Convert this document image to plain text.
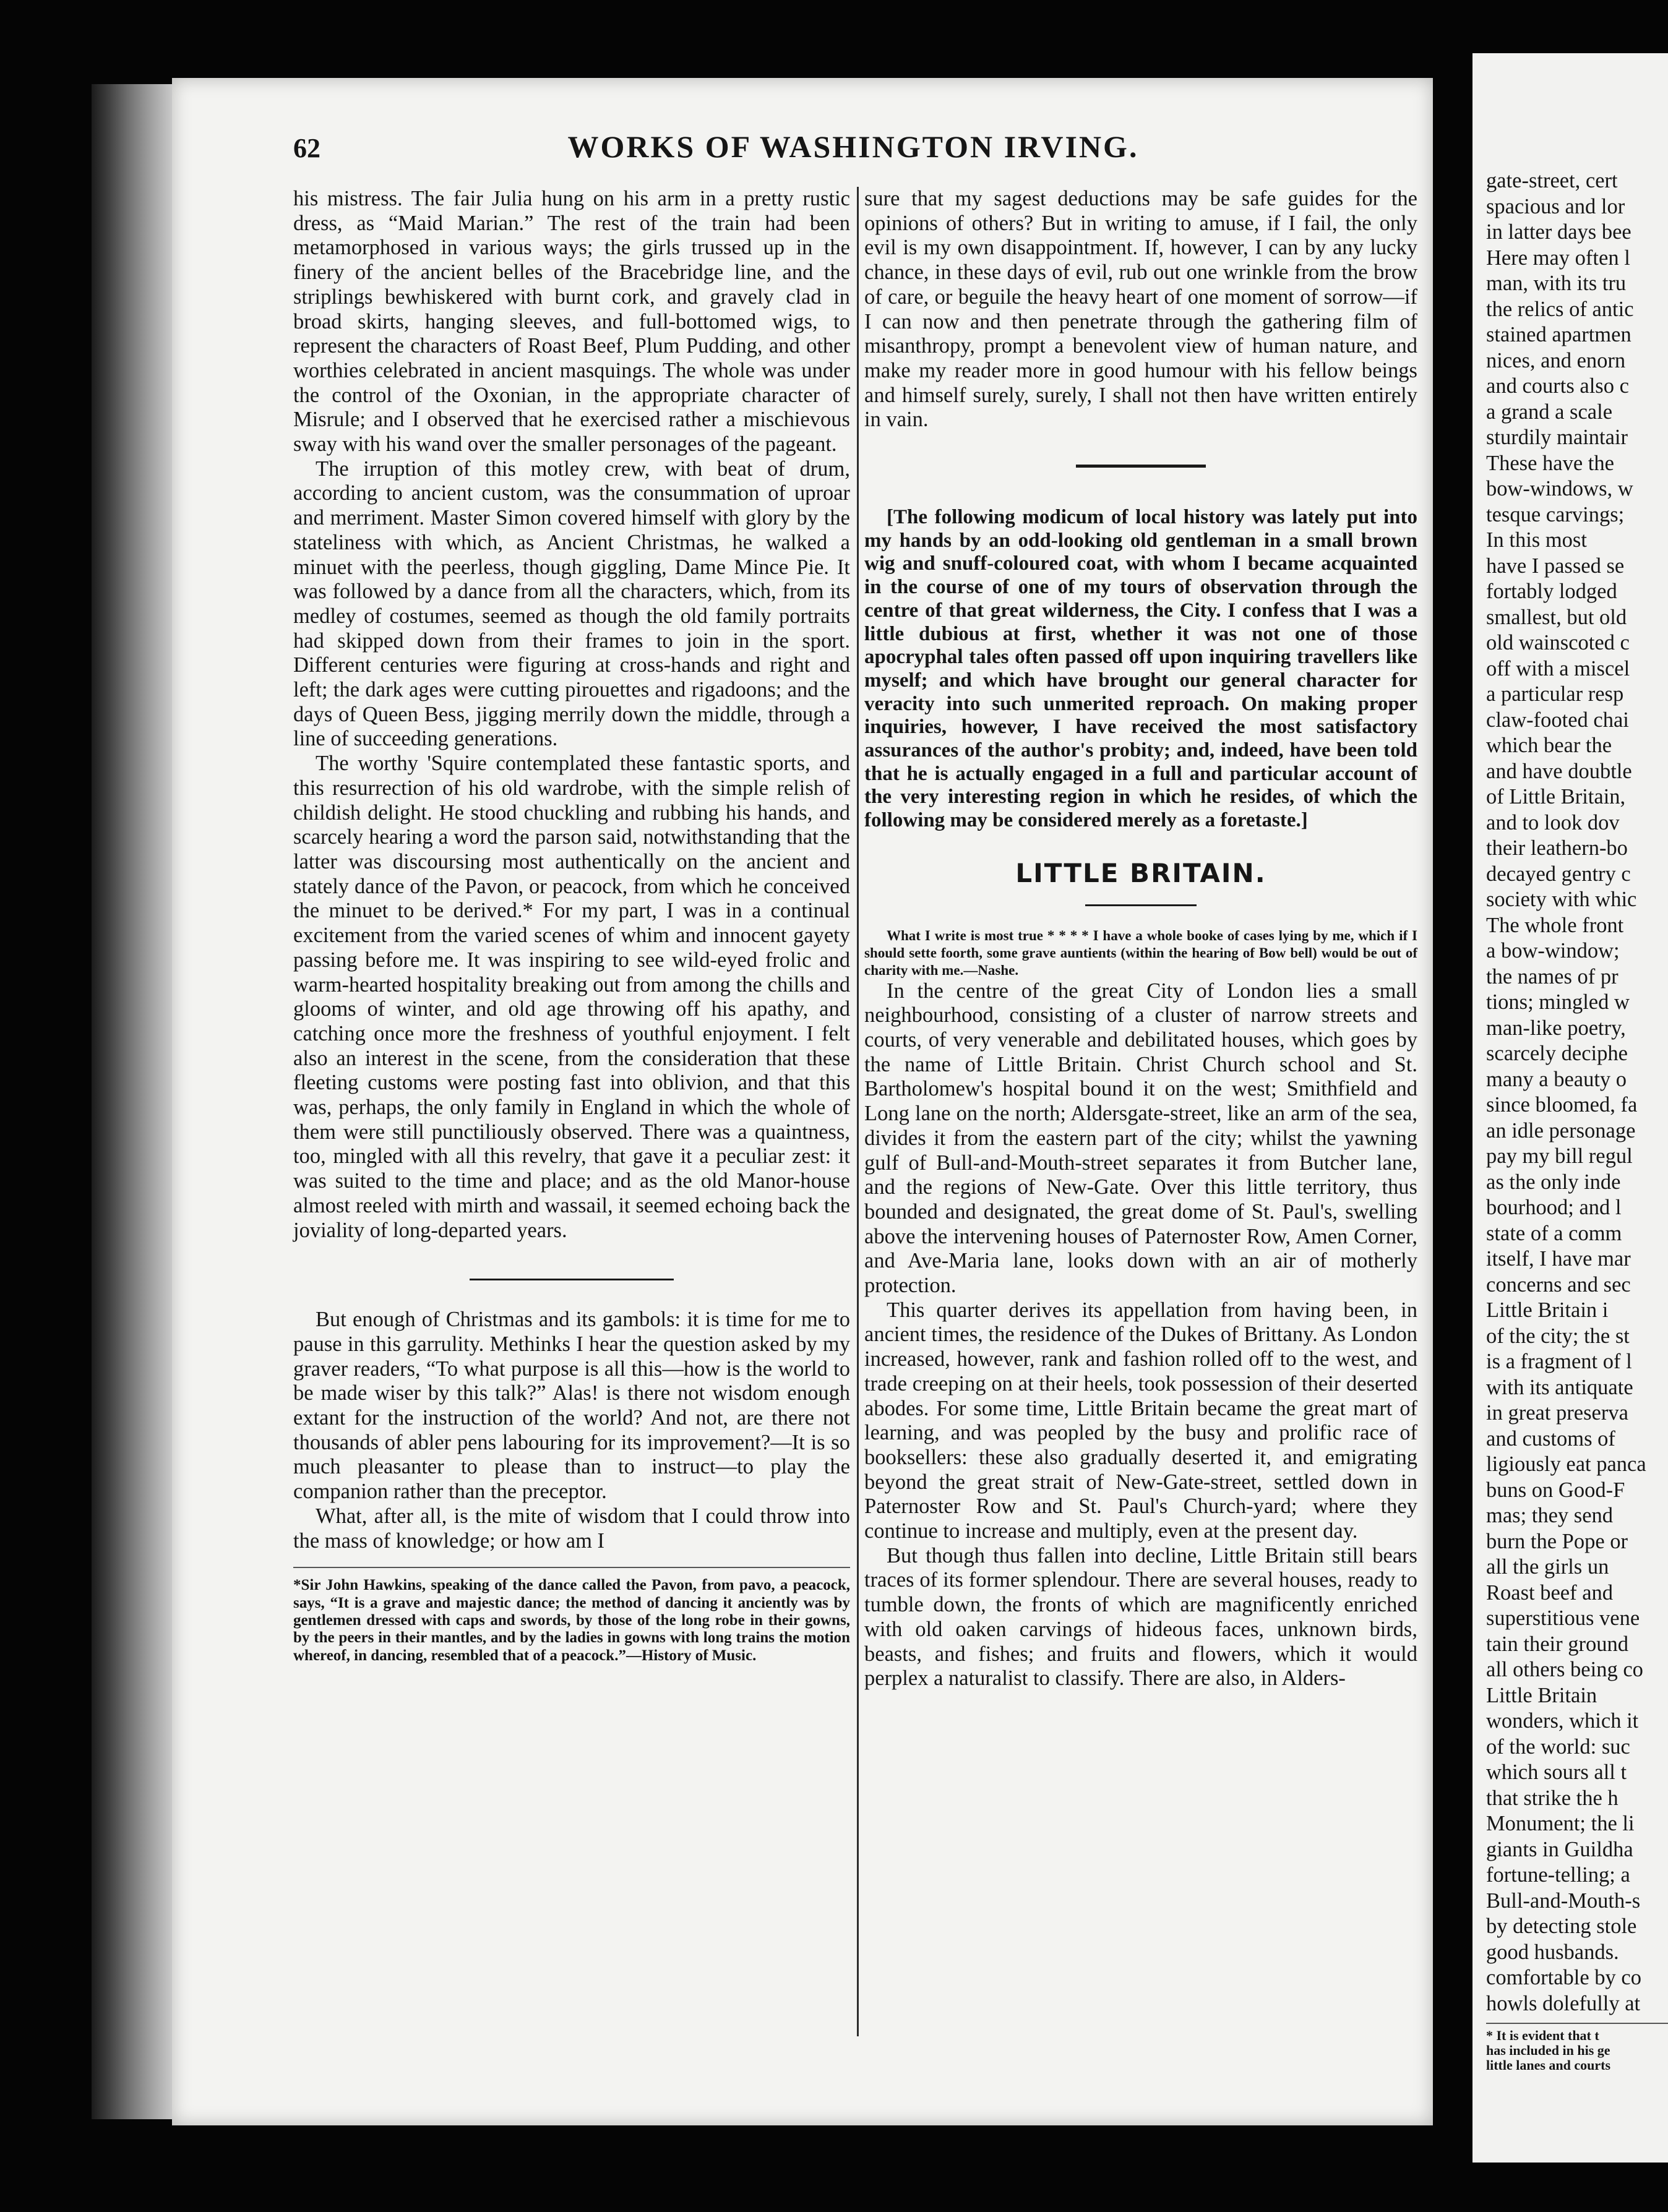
62	WORKS OF WASHINGTON IRVING.

his mistress. The fair Julia hung on his arm in a pretty rustic dress, as “Maid Marian.” The rest of the train had been metamorphosed in various ways; the girls trussed up in the finery of the ancient belles of the Bracebridge line, and the striplings bewhiskered with burnt cork, and gravely clad in broad skirts, hanging sleeves, and full-bottomed wigs, to represent the characters of Roast Beef, Plum Pudding, and other worthies celebrated in ancient masquings. The whole was under the control of the Oxonian, in the appropriate character of Misrule; and I observed that he exercised rather a mischievous sway with his wand over the smaller personages of the pageant.

The irruption of this motley crew, with beat of drum, according to ancient custom, was the consummation of uproar and merriment. Master Simon covered himself with glory by the stateliness with which, as Ancient Christmas, he walked a minuet with the peerless, though giggling, Dame Mince Pie. It was followed by a dance from all the characters, which, from its medley of costumes, seemed as though the old family portraits had skipped down from their frames to join in the sport. Different centuries were figuring at cross-hands and right and left; the dark ages were cutting pirouettes and rigadoons; and the days of Queen Bess, jigging merrily down the middle, through a line of succeeding generations.

The worthy 'Squire contemplated these fantastic sports, and this resurrection of his old wardrobe, with the simple relish of childish delight. He stood chuckling and rubbing his hands, and scarcely hearing a word the parson said, notwithstanding that the latter was discoursing most authentically on the ancient and stately dance of the Pavon, or peacock, from which he conceived the minuet to be derived.* For my part, I was in a continual excitement from the varied scenes of whim and innocent gayety passing before me. It was inspiring to see wild-eyed frolic and warm-hearted hospitality breaking out from among the chills and glooms of winter, and old age throwing off his apathy, and catching once more the freshness of youthful enjoyment. I felt also an interest in the scene, from the consideration that these fleeting customs were posting fast into oblivion, and that this was, perhaps, the only family in England in which the whole of them were still punctiliously observed. There was a quaintness, too, mingled with all this revelry, that gave it a peculiar zest: it was suited to the time and place; and as the old Manor-house almost reeled with mirth and wassail, it seemed echoing back the joviality of long-departed years.

But enough of Christmas and its gambols: it is time for me to pause in this garrulity. Methinks I hear the question asked by my graver readers, “To what purpose is all this—how is the world to be made wiser by this talk?” Alas! is there not wisdom enough extant for the instruction of the world? And not, are there not thousands of abler pens labouring for its improvement?—It is so much pleasanter to please than to instruct—to play the companion rather than the preceptor.

What, after all, is the mite of wisdom that I could throw into the mass of knowledge; or how am I

*Sir John Hawkins, speaking of the dance called the Pavon, from pavo, a peacock, says, “It is a grave and majestic dance; the method of dancing it anciently was by gentlemen dressed with caps and swords, by those of the long robe in their gowns, by the peers in their mantles, and by the ladies in gowns with long trains the motion whereof, in dancing, resembled that of a peacock.”—History of Music.

sure that my sagest deductions may be safe guides for the opinions of others? But in writing to amuse, if I fail, the only evil is my own disappointment. If, however, I can by any lucky chance, in these days of evil, rub out one wrinkle from the brow of care, or beguile the heavy heart of one moment of sorrow—if I can now and then penetrate through the gathering film of misanthropy, prompt a benevolent view of human nature, and make my reader more in good humour with his fellow beings and himself surely, surely, I shall not then have written entirely in vain.

[The following modicum of local history was lately put into my hands by an odd-looking old gentleman in a small brown wig and snuff-coloured coat, with whom I became acquainted in the course of one of my tours of observation through the centre of that great wilderness, the City. I confess that I was a little dubious at first, whether it was not one of those apocryphal tales often passed off upon inquiring travellers like myself; and which have brought our general character for veracity into such unmerited reproach. On making proper inquiries, however, I have received the most satisfactory assurances of the author's probity; and, indeed, have been told that he is actually engaged in a full and particular account of the very interesting region in which he resides, of which the following may be considered merely as a foretaste.]

LITTLE BRITAIN.

What I write is most true * * * * I have a whole booke of cases lying by me, which if I should sette foorth, some grave auntients (within the hearing of Bow bell) would be out of charity with me.—Nashe.

In the centre of the great City of London lies a small neighbourhood, consisting of a cluster of narrow streets and courts, of very venerable and debilitated houses, which goes by the name of Little Britain. Christ Church school and St. Bartholomew's hospital bound it on the west; Smithfield and Long lane on the north; Aldersgate-street, like an arm of the sea, divides it from the eastern part of the city; whilst the yawning gulf of Bull-and-Mouth-street separates it from Butcher lane, and the regions of New-Gate. Over this little territory, thus bounded and designated, the great dome of St. Paul's, swelling above the intervening houses of Paternoster Row, Amen Corner, and Ave-Maria lane, looks down with an air of motherly protection.

This quarter derives its appellation from having been, in ancient times, the residence of the Dukes of Brittany. As London increased, however, rank and fashion rolled off to the west, and trade creeping on at their heels, took possession of their deserted abodes. For some time, Little Britain became the great mart of learning, and was peopled by the busy and prolific race of booksellers: these also gradually deserted it, and emigrating beyond the great strait of New-Gate-street, settled down in Paternoster Row and St. Paul's Church-yard; where they continue to increase and multiply, even at the present day.

But though thus fallen into decline, Little Britain still bears traces of its former splendour. There are several houses, ready to tumble down, the fronts of which are magnificently enriched with old oaken carvings of hideous faces, unknown birds, beasts, and fishes; and fruits and flowers, which it would perplex a naturalist to classify. There are also, in Alders-

gate-street, cert
spacious and lor
in latter days bee
Here may often l
man, with its tru
the relics of antic
stained apartmen
nices, and enorn
and courts also c
a grand a scale
sturdily maintair
These have the
bow-windows, w
tesque carvings;
In this most
have I passed se
fortably lodged
smallest, but old
old wainscoted c
off with a miscel
a particular resp
claw-footed chai
which bear the
and have doubtle
of Little Britain,
and to look dov
their leathern-bo
decayed gentry c
society with whic
The whole front
a bow-window;
the names of pr
tions; mingled w
man-like poetry,
scarcely deciphe
many a beauty o
since bloomed, fa
an idle personage
pay my bill regul
as the only inde
bourhood; and l
state of a comm
itself, I have mar
concerns and sec
Little Britain i
of the city; the st
is a fragment of l
with its antiquate
in great preserva
and customs of
ligiously eat panca
buns on Good-F
mas; they send
burn the Pope or
all the girls un
Roast beef and
superstitious vene
tain their ground
all others being co
Little Britain
wonders, which it
of the world: suc
which sours all t
that strike the h
Monument; the li
giants in Guildha
fortune-telling; a
Bull-and-Mouth-s
by detecting stole
good husbands.
comfortable by co
howls dolefully at
* It is evident that t
has included in his ge
little lanes and courts
